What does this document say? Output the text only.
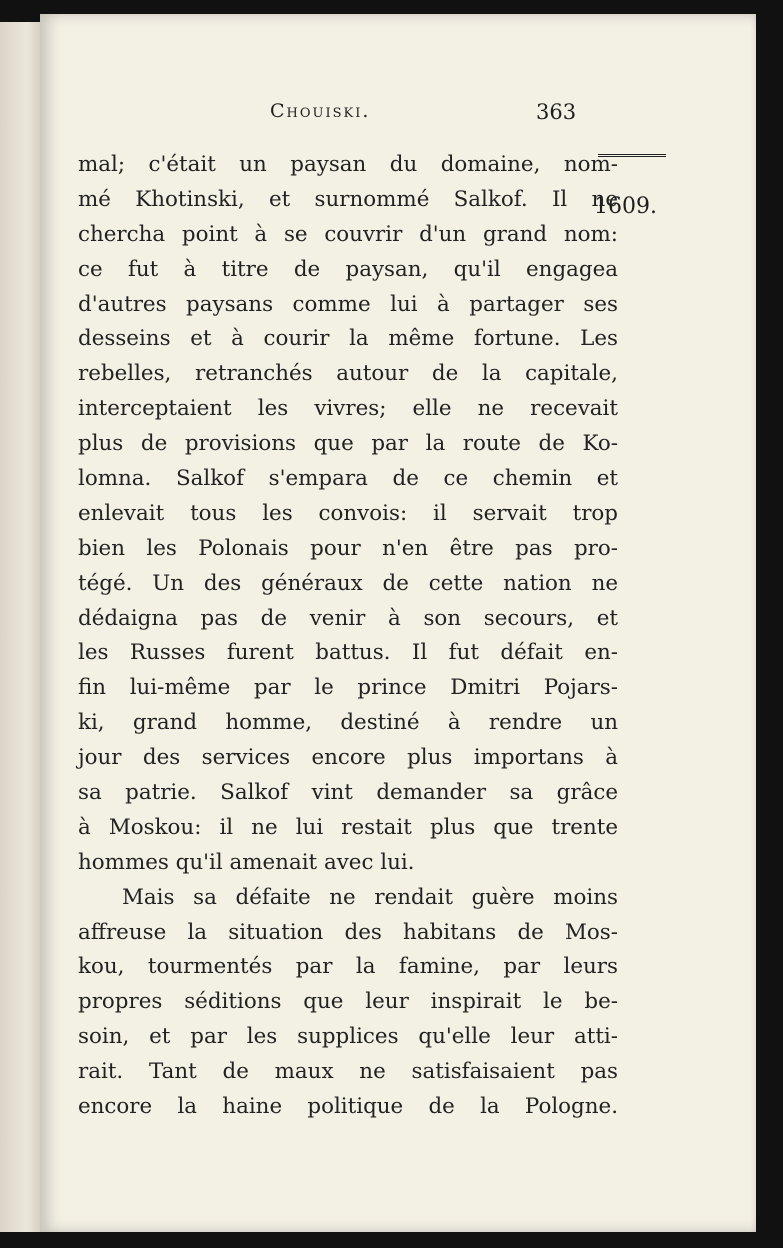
Chouiski.	363
1609.
mal; c'était un paysan du domaine, nom-
mé Khotinski, et surnommé Salkof. Il ne
chercha point à se couvrir d'un grand nom:
ce fut à titre de paysan, qu'il engagea
d'autres paysans comme lui à partager ses
desseins et à courir la même fortune. Les
rebelles, retranchés autour de la capitale,
interceptaient les vivres; elle ne recevait
plus de provisions que par la route de Ko-
lomna. Salkof s'empara de ce chemin et
enlevait tous les convois: il servait trop
bien les Polonais pour n'en être pas pro-
tégé. Un des généraux de cette nation ne
dédaigna pas de venir à son secours, et
les Russes furent battus. Il fut défait en-
fin lui-même par le prince Dmitri Pojars-
ki, grand homme, destiné à rendre un
jour des services encore plus importans à
sa patrie. Salkof vint demander sa grâce
à Moskou: il ne lui restait plus que trente
hommes qu'il amenait avec lui.
Mais sa défaite ne rendait guère moins
affreuse la situation des habitans de Mos-
kou, tourmentés par la famine, par leurs
propres séditions que leur inspirait le be-
soin, et par les supplices qu'elle leur atti-
rait. Tant de maux ne satisfaisaient pas
encore la haine politique de la Pologne.
